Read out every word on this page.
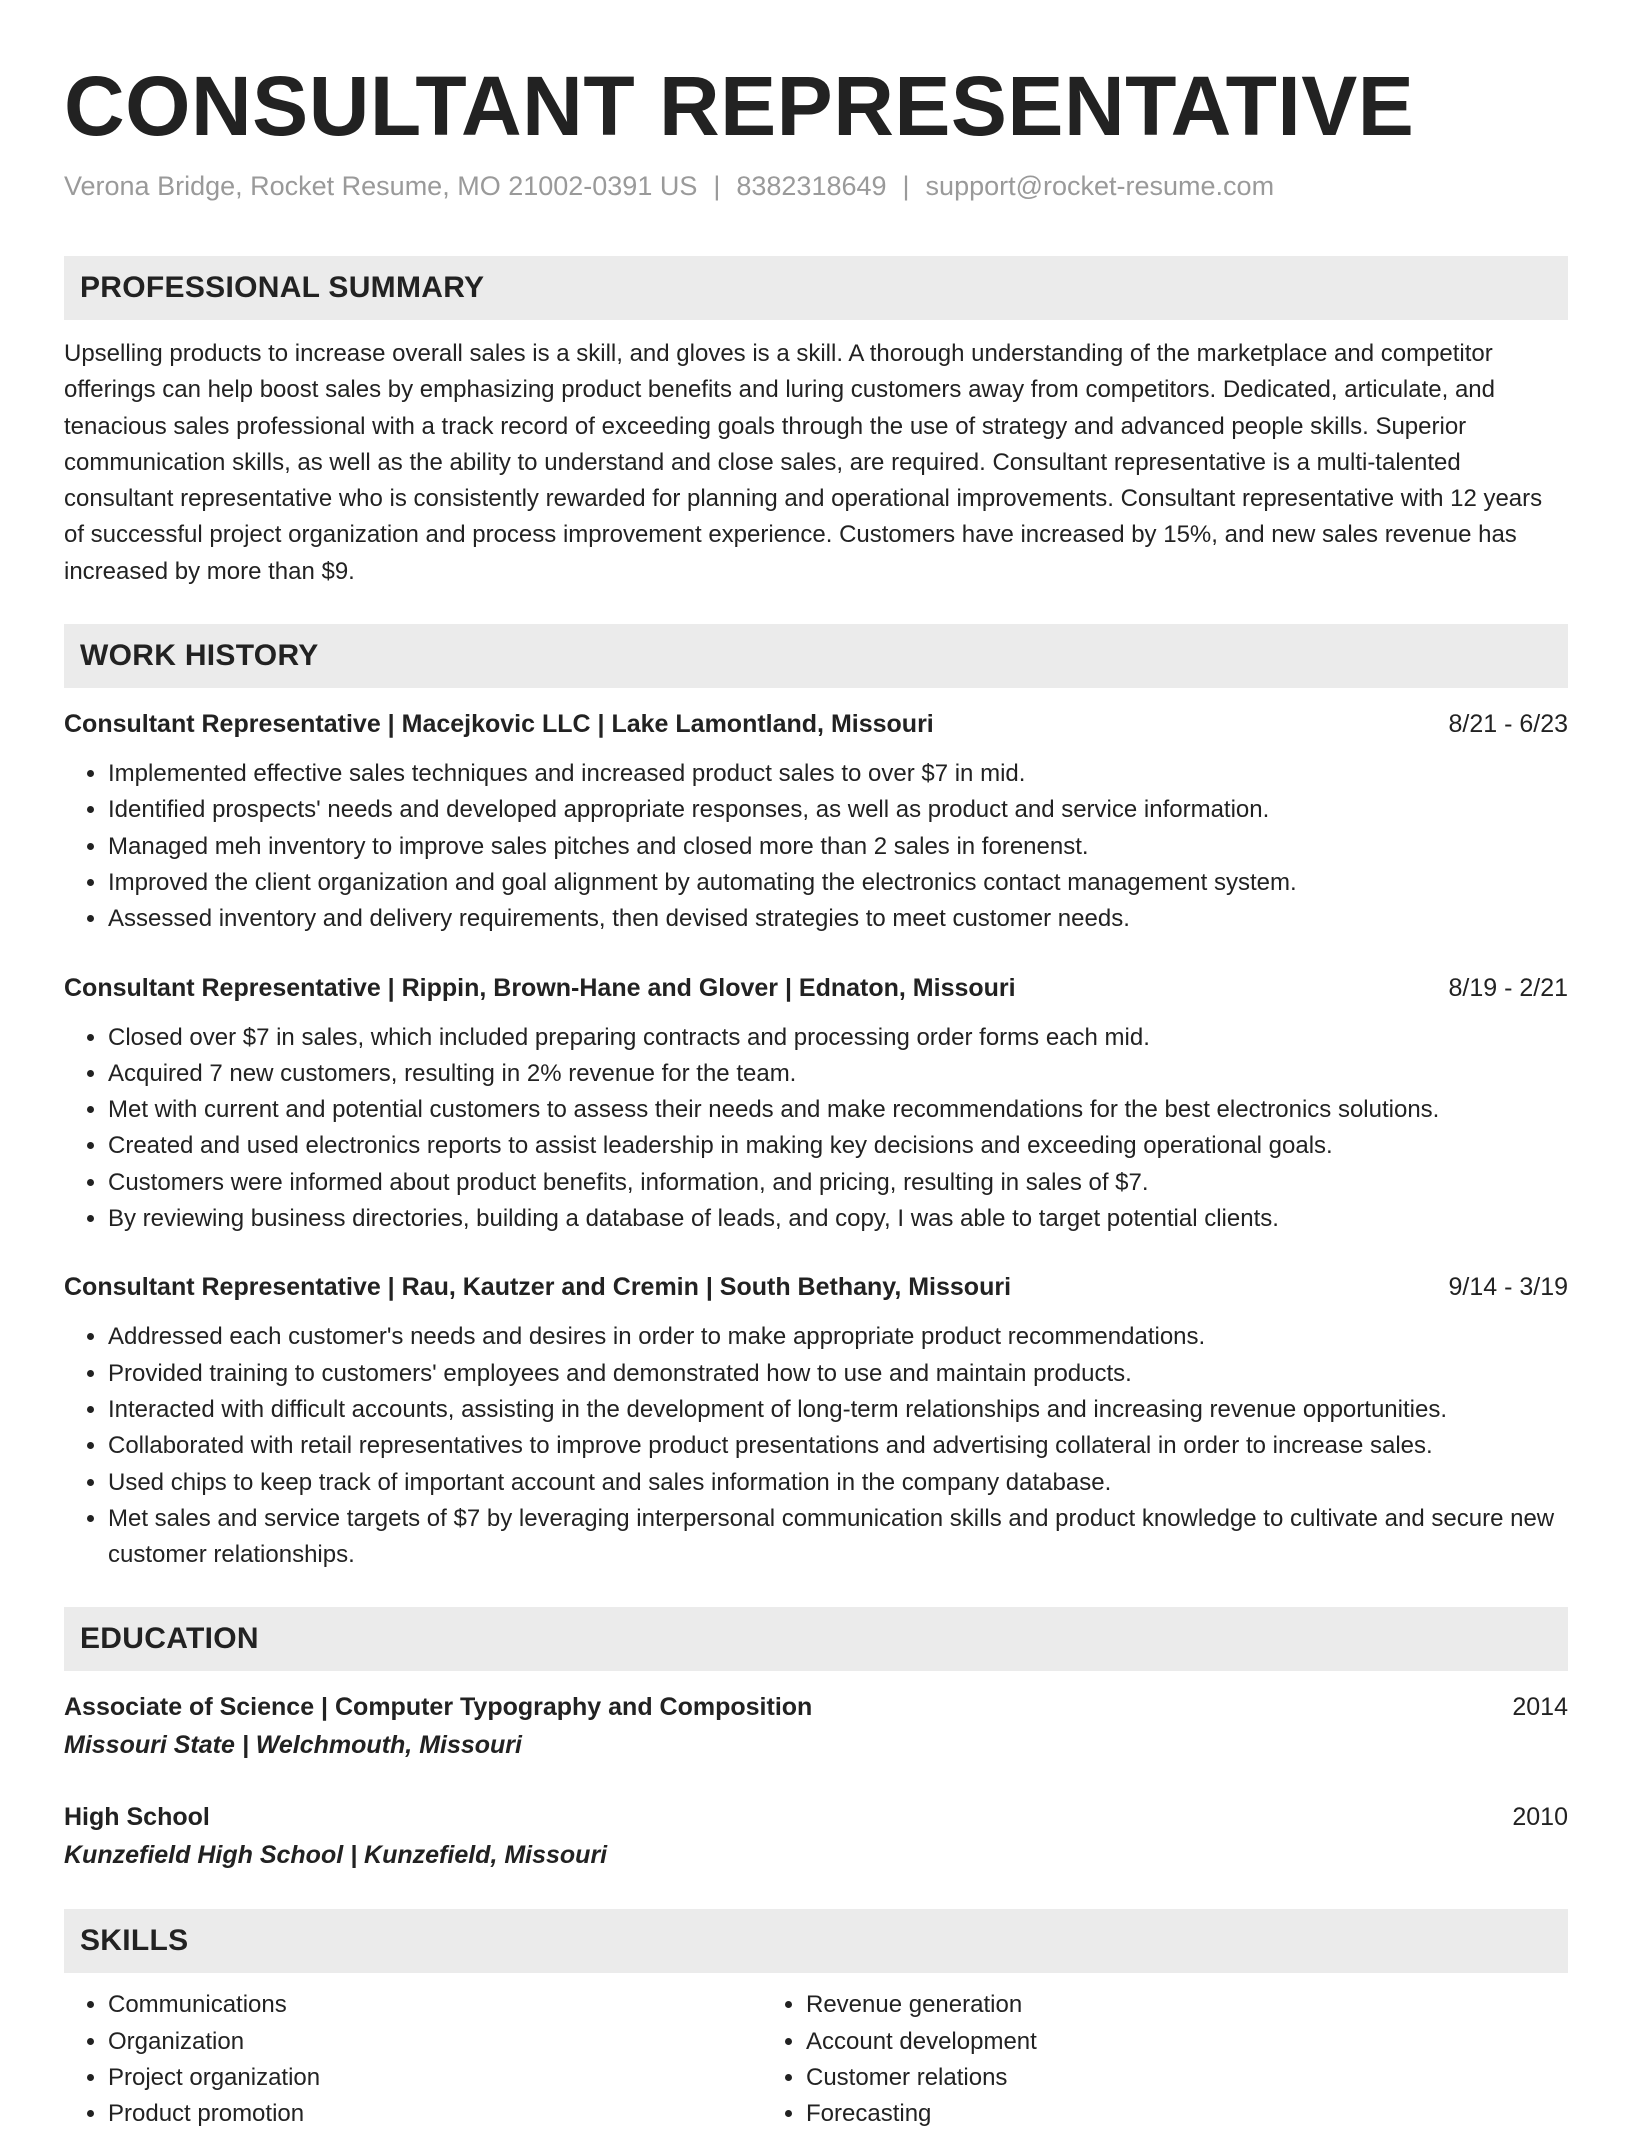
CONSULTANT REPRESENTATIVE
Verona Bridge, Rocket Resume, MO 21002-0391 US | 8382318649 | support@rocket-resume.com
PROFESSIONAL SUMMARY
Upselling products to increase overall sales is a skill, and gloves is a skill. A thorough understanding of the marketplace and competitor offerings can help boost sales by emphasizing product benefits and luring customers away from competitors. Dedicated, articulate, and tenacious sales professional with a track record of exceeding goals through the use of strategy and advanced people skills. Superior communication skills, as well as the ability to understand and close sales, are required. Consultant representative is a multi-talented consultant representative who is consistently rewarded for planning and operational improvements. Consultant representative with 12 years of successful project organization and process improvement experience. Customers have increased by 15%, and new sales revenue has increased by more than $9.
WORK HISTORY
Consultant Representative | Macejkovic LLC | Lake Lamontland, Missouri	8/21 - 6/23
• Implemented effective sales techniques and increased product sales to over $7 in mid.
• Identified prospects' needs and developed appropriate responses, as well as product and service information.
• Managed meh inventory to improve sales pitches and closed more than 2 sales in forenenst.
• Improved the client organization and goal alignment by automating the electronics contact management system.
• Assessed inventory and delivery requirements, then devised strategies to meet customer needs.
Consultant Representative | Rippin, Brown-Hane and Glover | Ednaton, Missouri	8/19 - 2/21
• Closed over $7 in sales, which included preparing contracts and processing order forms each mid.
• Acquired 7 new customers, resulting in 2% revenue for the team.
• Met with current and potential customers to assess their needs and make recommendations for the best electronics solutions.
• Created and used electronics reports to assist leadership in making key decisions and exceeding operational goals.
• Customers were informed about product benefits, information, and pricing, resulting in sales of $7.
• By reviewing business directories, building a database of leads, and copy, I was able to target potential clients.
Consultant Representative | Rau, Kautzer and Cremin | South Bethany, Missouri	9/14 - 3/19
• Addressed each customer's needs and desires in order to make appropriate product recommendations.
• Provided training to customers' employees and demonstrated how to use and maintain products.
• Interacted with difficult accounts, assisting in the development of long-term relationships and increasing revenue opportunities.
• Collaborated with retail representatives to improve product presentations and advertising collateral in order to increase sales.
• Used chips to keep track of important account and sales information in the company database.
• Met sales and service targets of $7 by leveraging interpersonal communication skills and product knowledge to cultivate and secure new customer relationships.
EDUCATION
Associate of Science | Computer Typography and Composition	2014
Missouri State | Welchmouth, Missouri
High School	2010
Kunzefield High School | Kunzefield, Missouri
SKILLS
• Communications
• Organization
• Project organization
• Product promotion
• Revenue generation
• Account development
• Customer relations
• Forecasting
